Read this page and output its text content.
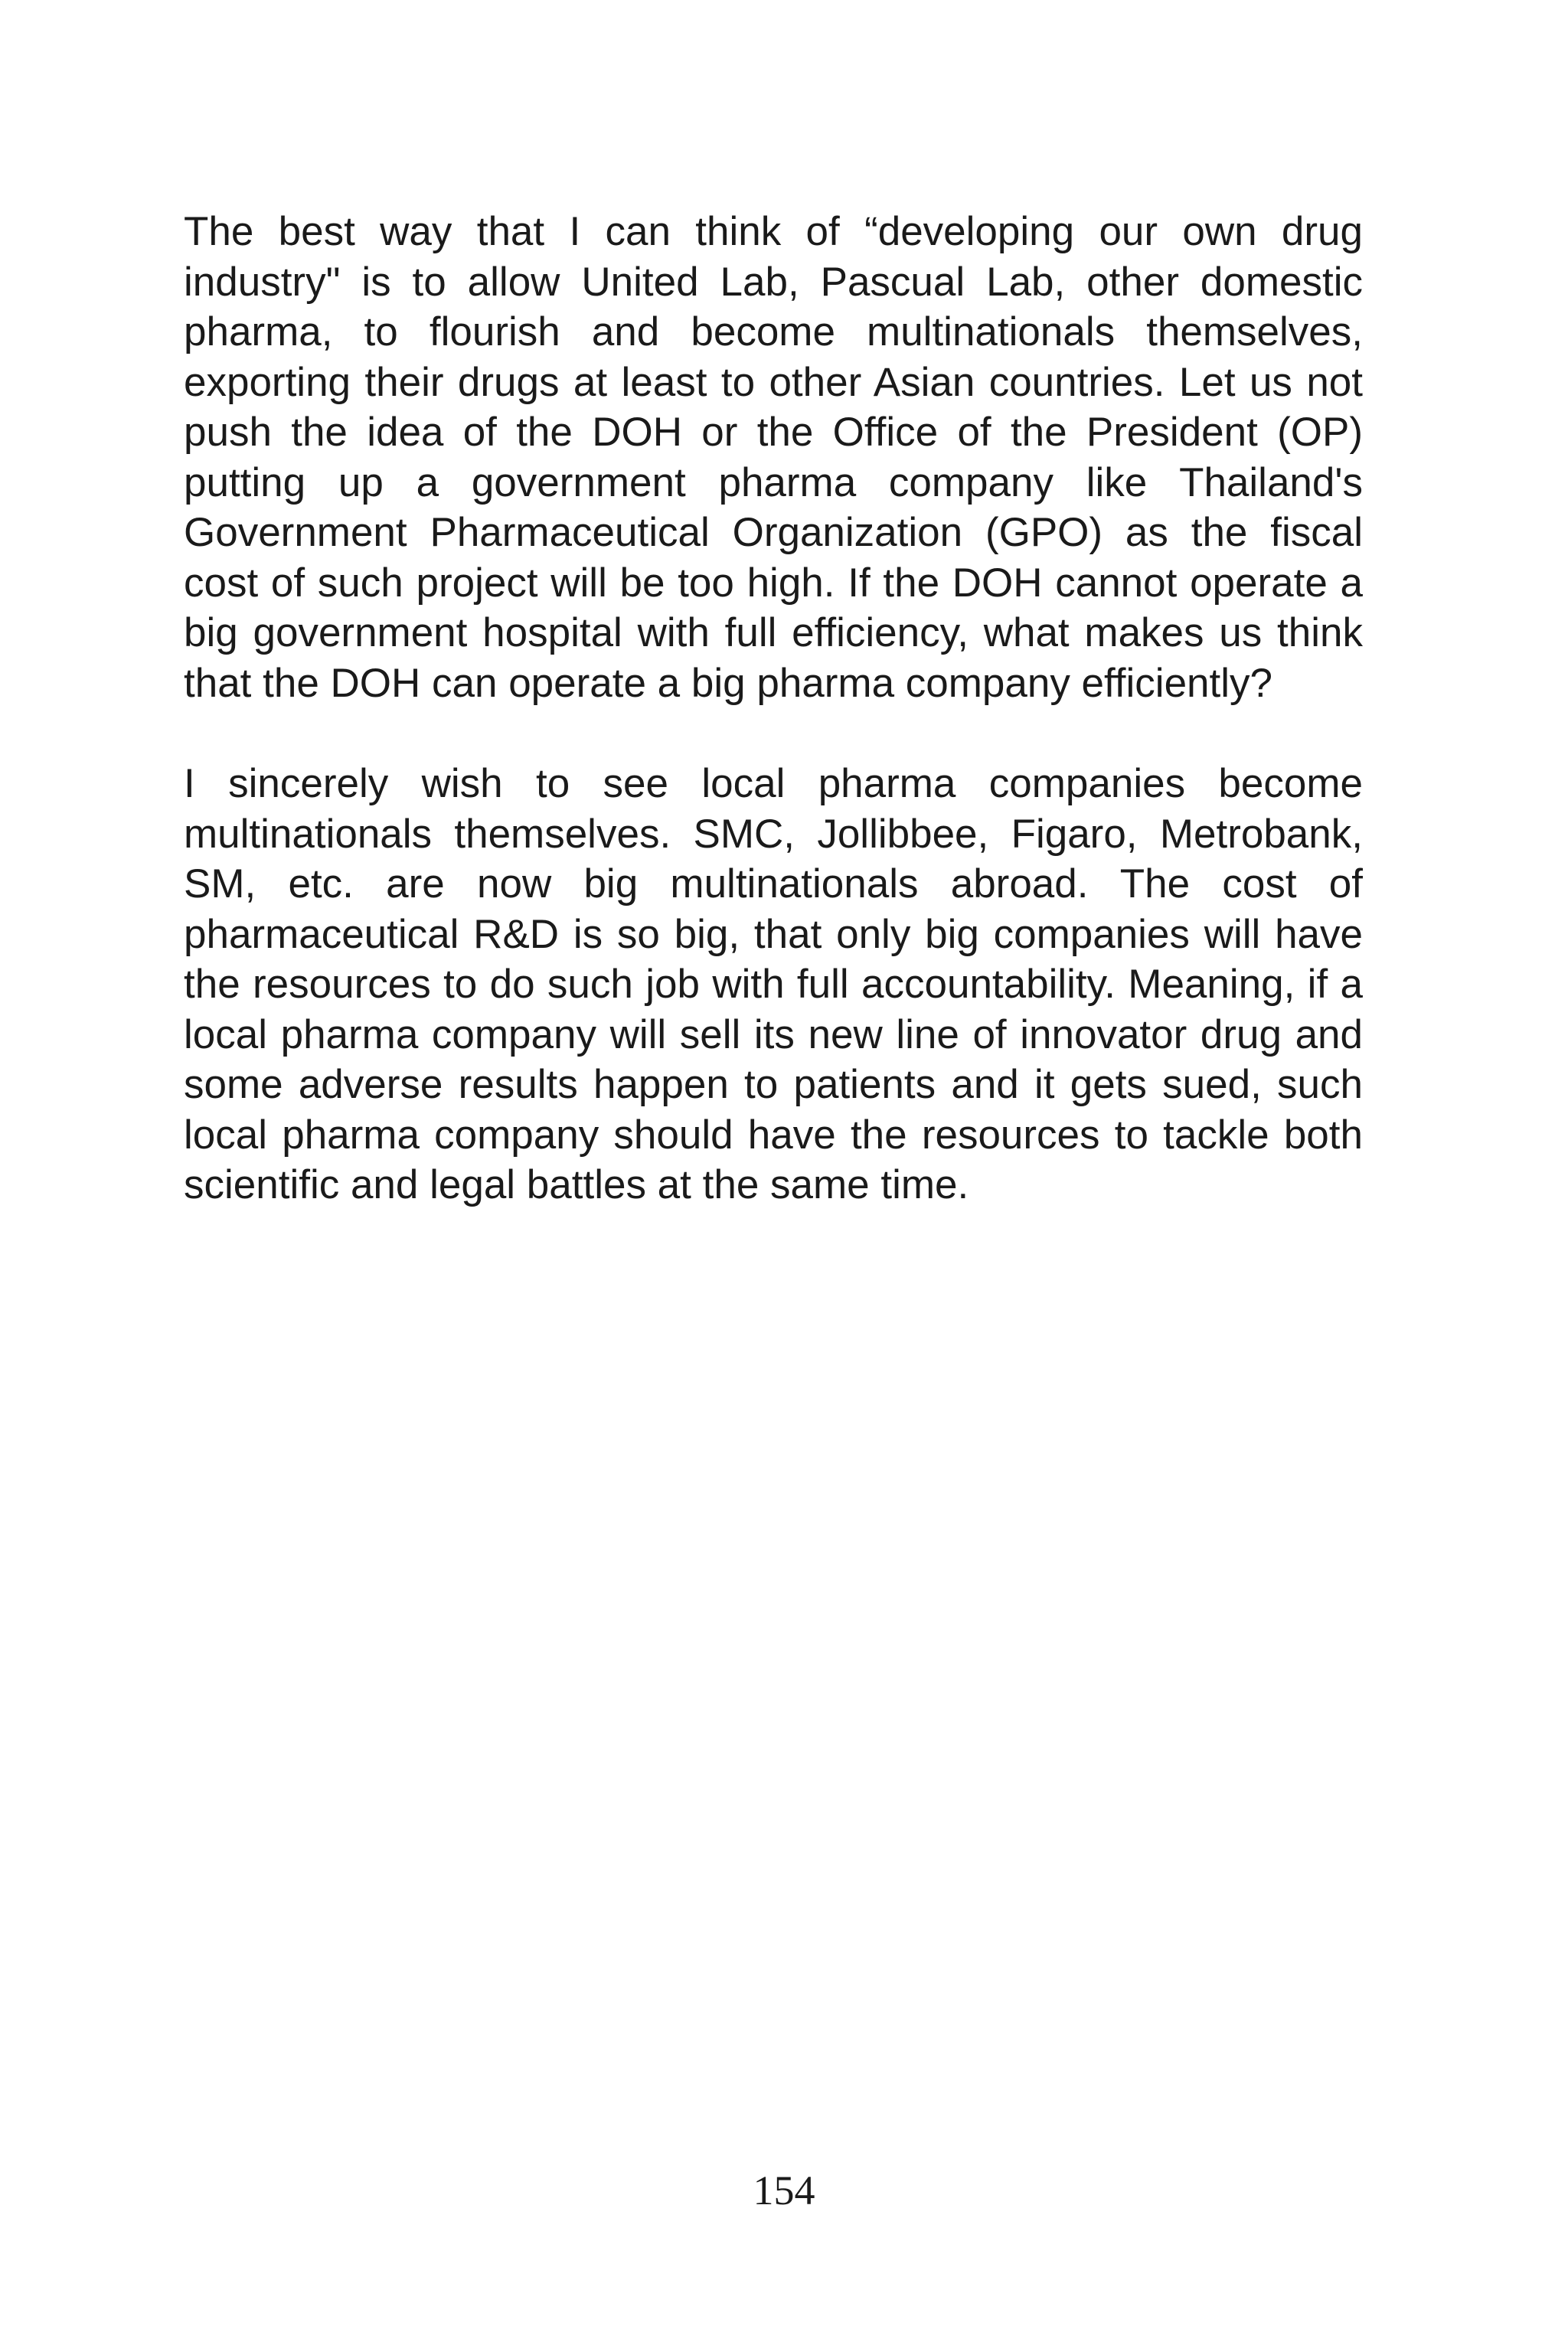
The best way that I can think of “developing our own drug industry" is to allow United Lab, Pascual Lab, other domestic pharma, to flourish and become multinationals themselves, exporting their drugs at least to other Asian countries. Let us not push the idea of the DOH or the Office of the President (OP) putting up a government pharma company like Thailand's Government Pharmaceutical Organization (GPO) as the fiscal cost of such project will be too high. If the DOH cannot operate a big government hospital with full efficiency, what makes us think that the DOH can operate a big pharma company efficiently?

I sincerely wish to see local pharma companies become multinationals themselves. SMC, Jollibbee, Figaro, Metrobank, SM, etc. are now big multinationals abroad. The cost of pharmaceutical R&D is so big, that only big companies will have the resources to do such job with full accountability. Meaning, if a local pharma company will sell its new line of innovator drug and some adverse results happen to patients and it gets sued, such local pharma company should have the resources to tackle both scientific and legal battles at the same time.

154
